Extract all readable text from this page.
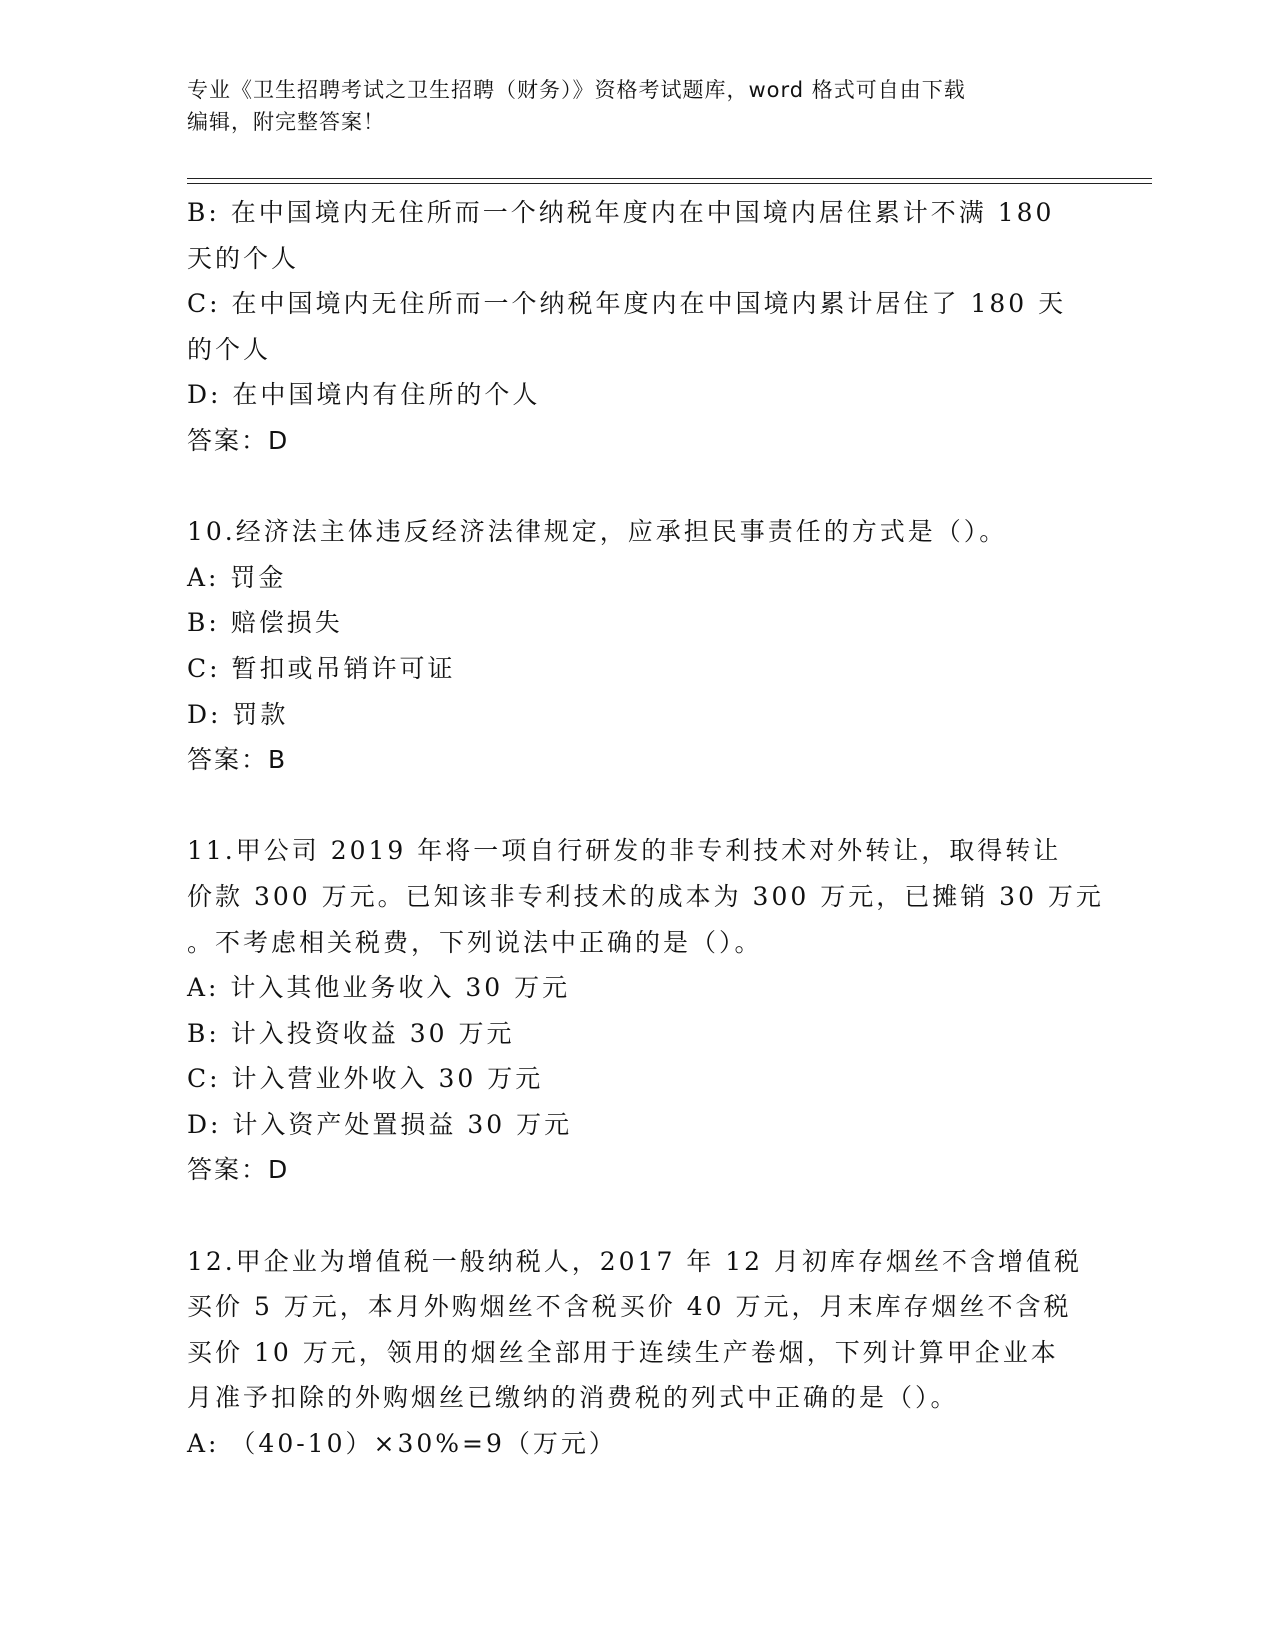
专业《卫生招聘考试之卫生招聘（财务）》资格考试题库，word 格式可自由下载
编辑，附完整答案！
B: 在中国境内无住所而一个纳税年度内在中国境内居住累计不满 180
天的个人
C: 在中国境内无住所而一个纳税年度内在中国境内累计居住了 180 天
的个人
D: 在中国境内有住所的个人
答案：D
10.经济法主体违反经济法律规定，应承担民事责任的方式是（）。
A: 罚金
B: 赔偿损失
C: 暂扣或吊销许可证
D: 罚款
答案：B
11.甲公司 2019 年将一项自行研发的非专利技术对外转让，取得转让
价款 300 万元。已知该非专利技术的成本为 300 万元，已摊销 30 万元
。不考虑相关税费，下列说法中正确的是（）。
A: 计入其他业务收入 30 万元
B: 计入投资收益 30 万元
C: 计入营业外收入 30 万元
D: 计入资产处置损益 30 万元
答案：D
12.甲企业为增值税一般纳税人，2017 年 12 月初库存烟丝不含增值税
买价 5 万元，本月外购烟丝不含税买价 40 万元，月末库存烟丝不含税
买价 10 万元，领用的烟丝全部用于连续生产卷烟，下列计算甲企业本
月准予扣除的外购烟丝已缴纳的消费税的列式中正确的是（）。
A: （40-10）×30%=9（万元）
